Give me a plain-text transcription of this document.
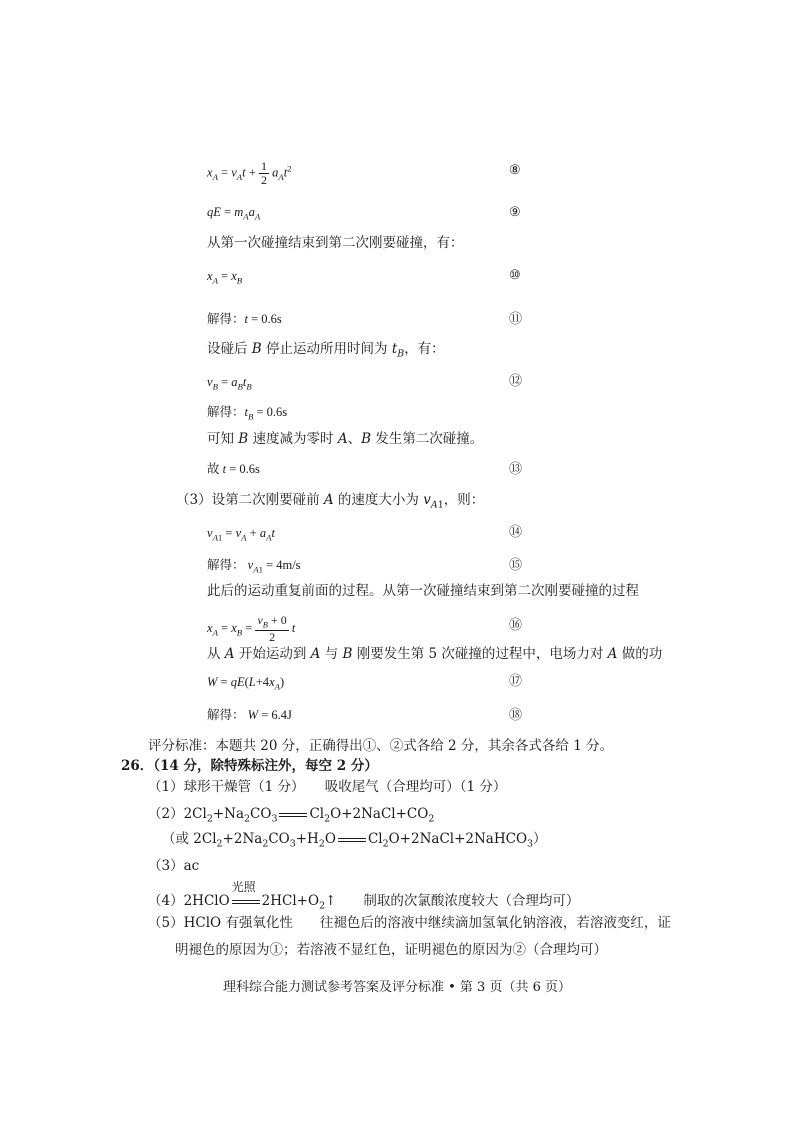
$x_A = v_At + \frac{1}{2} a_At^2$	⑧
qE = $m_Aa_A$	⑨
从第一次碰撞结束到第二次刚要碰撞，有：
$x_A = x_B$	⑩
解得：t = 0.6s	⑪
设碰后 B 停止运动所用时间为 $t_B$，有：
$v_B = a_Bt_B$	⑫
解得：$t_B = 0.6s$
可知 B 速度减为零时 A、B 发生第二次碰撞。
故 t = 0.6s	⑬
（3）设第二次刚要碰前 A 的速度大小为 $v_{A1}$，则：
$v_{A1} = v_A + a_At$	⑭
解得： $v_{A1} = 4m/s$	⑮
此后的运动重复前面的过程。从第一次碰撞结束到第二次刚要碰撞的过程
$x_A = x_B = \frac{v_B + 0}{2}$ t	⑯
从 A 开始运动到 A 与 B 刚要发生第 5 次碰撞的过程中，电场力对 A 做的功
$W = qE(L+4x_A)$	⑰
解得： W = 6.4J	⑱
评分标准：本题共 20 分，正确得出①、②式各给 2 分，其余各式各给 1 分。
26．（14 分，除特殊标注外，每空 2 分）
（1）球形干燥管（1 分）　　吸收尾气（合理均可）（1 分）
$(2)2Cl_2+Na_2CO_3$ $Cl_2O+2NaCl+CO_2$
（或 $2Cl_2+2Na_2CO_3+H_2O$ $Cl_2O+2NaCl+2NaHCO_3$）
（3）ac
（4）2HClO
光照
$2HCl+O_2↑$　　制取的次氯酸浓度较大（合理均可）
（5）HClO 有强氧化性　　往褪色后的溶液中继续滴加氢氧化钠溶液，若溶液变红，证
明褪色的原因为①；若溶液不显红色，证明褪色的原因为②（合理均可）
理科综合能力测试参考答案及评分标准 • 第 3 页（共 6 页）
